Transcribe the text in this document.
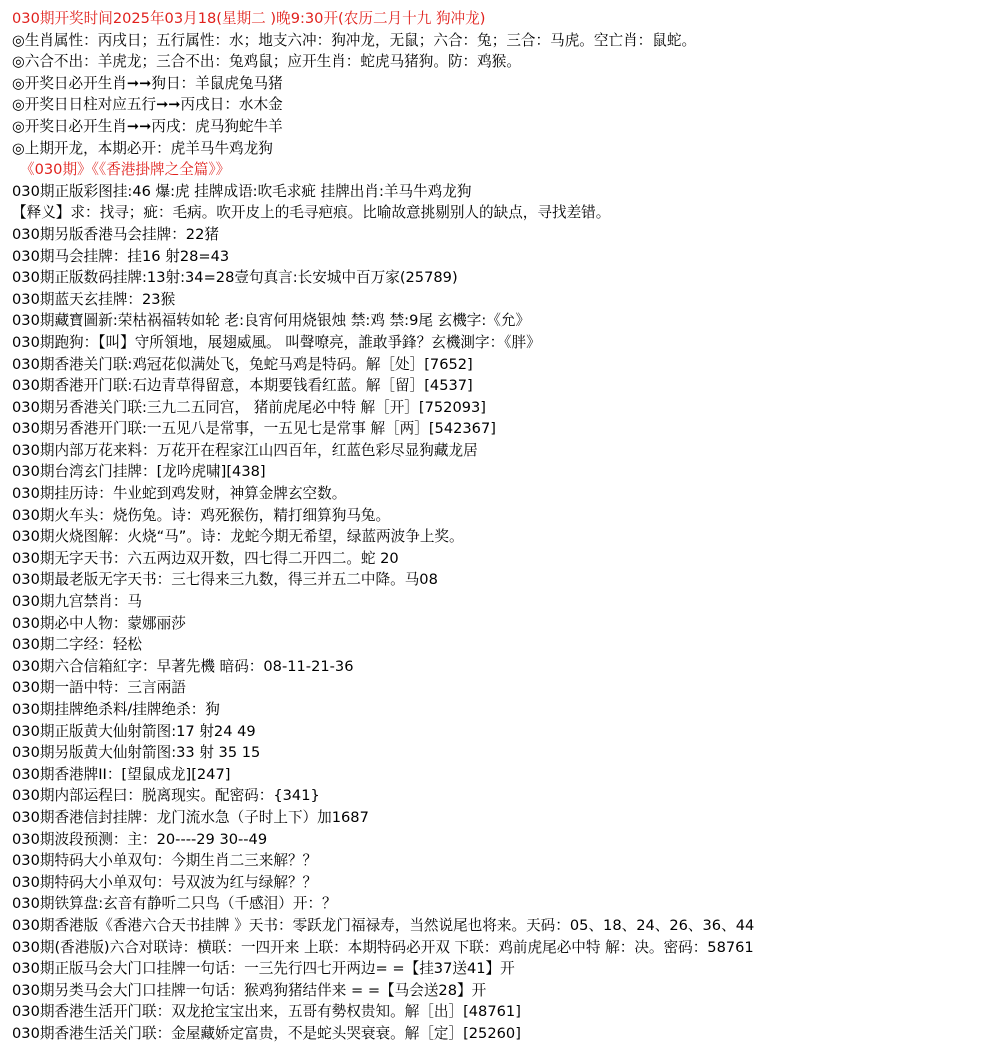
030期开奖时间2025年03月18(星期二 )晚9:30开(农历二月十九 狗冲龙)
◎生肖属性：丙戌日；五行属性：水；地支六冲：狗冲龙，无鼠；六合：兔；三合：马虎。空亡肖：鼠蛇。
◎六合不出：羊虎龙；三合不出：兔鸡鼠；应开生肖：蛇虎马猪狗。防：鸡猴。
◎开奖日必开生肖➞➞狗日：羊鼠虎兔马猪
◎开奖日日柱对应五行➞➞丙戌日：水木金
◎开奖日必开生肖➞➞丙戌：虎马狗蛇牛羊
◎上期开龙，本期必开：虎羊马牛鸡龙狗
《030期》《《香港掛牌之全篇》》
030期正版彩图挂:46 爆:虎 挂牌成语:吹毛求疵 挂牌出肖:羊马牛鸡龙狗
【释义】求：找寻；疵：毛病。吹开皮上的毛寻疤痕。比喻故意挑剔别人的缺点，寻找差错。
030期另版香港马会挂牌：22猪
030期马会挂牌：挂16 射28=43
030期正版数码挂牌:13射:34=28壹句真言:长安城中百万家(25789)
030期蓝天玄挂牌：23猴
030期藏寶圖新:荣枯祸福转如轮 老:良宵何用烧银烛 禁:鸡 禁:9尾 玄機字:《允》
030期跑狗：【叫】守所領地，展翅威風。 叫聲嘹亮，誰敢爭鋒？玄機測字：《胖》
030期香港关门联:鸡冠花似满处飞，兔蛇马鸡是特码。解［处］[7652]
030期香港开门联:石边青草得留意，本期要钱看红蓝。解［留］[4537]
030期另香港关门联:三九二五同宫， 猪前虎尾必中特 解［开］[752093]
030期另香港开门联:一五见八是常事，一五见七是常事 解［两］[542367]
030期内部万花来料：万花开在程家江山四百年，红蓝色彩尽显狗藏龙居
030期台湾玄门挂牌：[龙吟虎啸][438]
030期挂历诗：牛业蛇到鸡发财，神算金牌玄空数。
030期火车头：烧伤兔。诗：鸡死猴伤，精打细算狗马兔。
030期火烧图解：火烧“马”。诗：龙蛇今期无希望，绿蓝两波争上奖。
030期无字天书：六五两边双开数，四七得二开四二。蛇 20
030期最老版无字天书：三七得来三九数，得三并五二中降。马08
030期九宫禁肖：马
030期必中人物：蒙娜丽莎
030期二字经：轻松
030期六合信箱紅字：早著先機 暗码：08-11-21-36
030期一語中特：三言兩語
030期挂牌绝杀料/挂牌绝杀：狗
030期正版黄大仙射箭图:17 射24 49
030期另版黄大仙射箭图:33 射 35 15
030期香港牌II：[望鼠成龙][247]
030期内部运程曰：脱离现实。配密码：{341}
030期香港信封挂牌：龙门流水急（子时上下）加1687
030期波段预测：主：20----29 30--49
030期特码大小单双句：今期生肖二三来解？？
030期特码大小单双句：号双波为红与绿解？？
030期铁算盘:玄音有静听二只鸟（千感泪）开：？
030期香港版《香港六合天书挂牌 》天书：零跃龙门福禄寿，当然说尾也将来。天码：05、18、24、26、36、44
030期(香港版)六合对联诗：横联：一四开来 上联：本期特码必开双 下联：鸡前虎尾必中特 解：决。密码：58761
030期正版马会大门口挂牌一句话：一三先行四七开两边= =【挂37送41】开
030期另类马会大门口挂牌一句话：猴鸡狗猪结伴来 = =【马会送28】开
030期香港生活开门联：双龙抢宝宝出来，五哥有勢权贵知。解［出］[48761]
030期香港生活关门联：金屋藏娇定富贵，不是蛇头哭衰衰。解［定］[25260]
